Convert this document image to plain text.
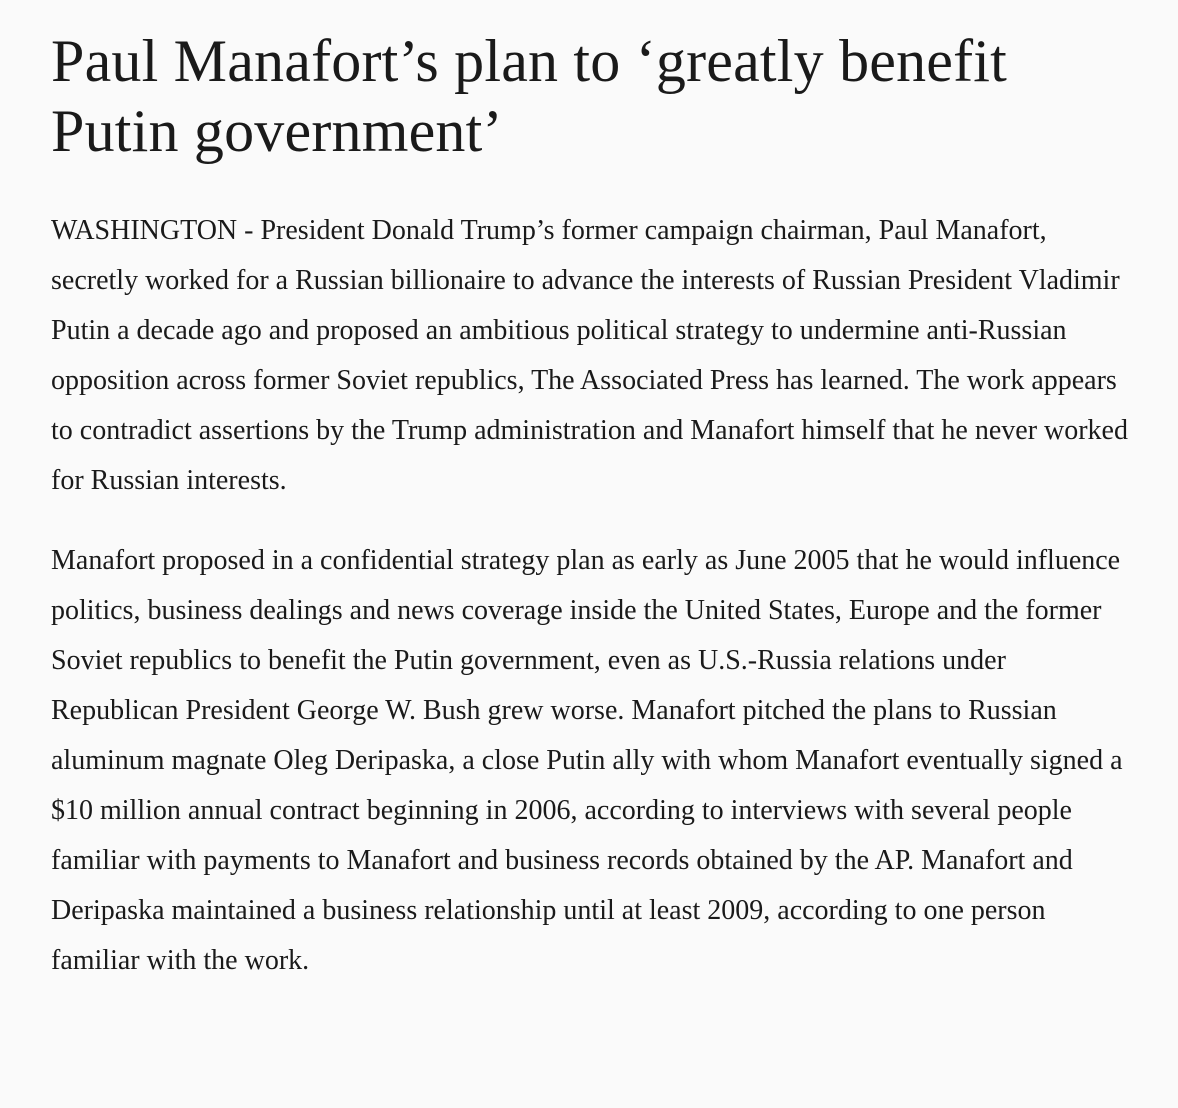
Paul Manafort’s plan to ‘greatly benefit Putin government’

WASHINGTON - President Donald Trump’s former campaign chairman, Paul Manafort, secretly worked for a Russian billionaire to advance the interests of Russian President Vladimir Putin a decade ago and proposed an ambitious political strategy to undermine anti-Russian opposition across former Soviet republics, The Associated Press has learned. The work appears to contradict assertions by the Trump administration and Manafort himself that he never worked for Russian interests.

Manafort proposed in a confidential strategy plan as early as June 2005 that he would influence politics, business dealings and news coverage inside the United States, Europe and the former Soviet republics to benefit the Putin government, even as U.S.-Russia relations under Republican President George W. Bush grew worse. Manafort pitched the plans to Russian aluminum magnate Oleg Deripaska, a close Putin ally with whom Manafort eventually signed a $10 million annual contract beginning in 2006, according to interviews with several people familiar with payments to Manafort and business records obtained by the AP. Manafort and Deripaska maintained a business relationship until at least 2009, according to one person familiar with the work.
